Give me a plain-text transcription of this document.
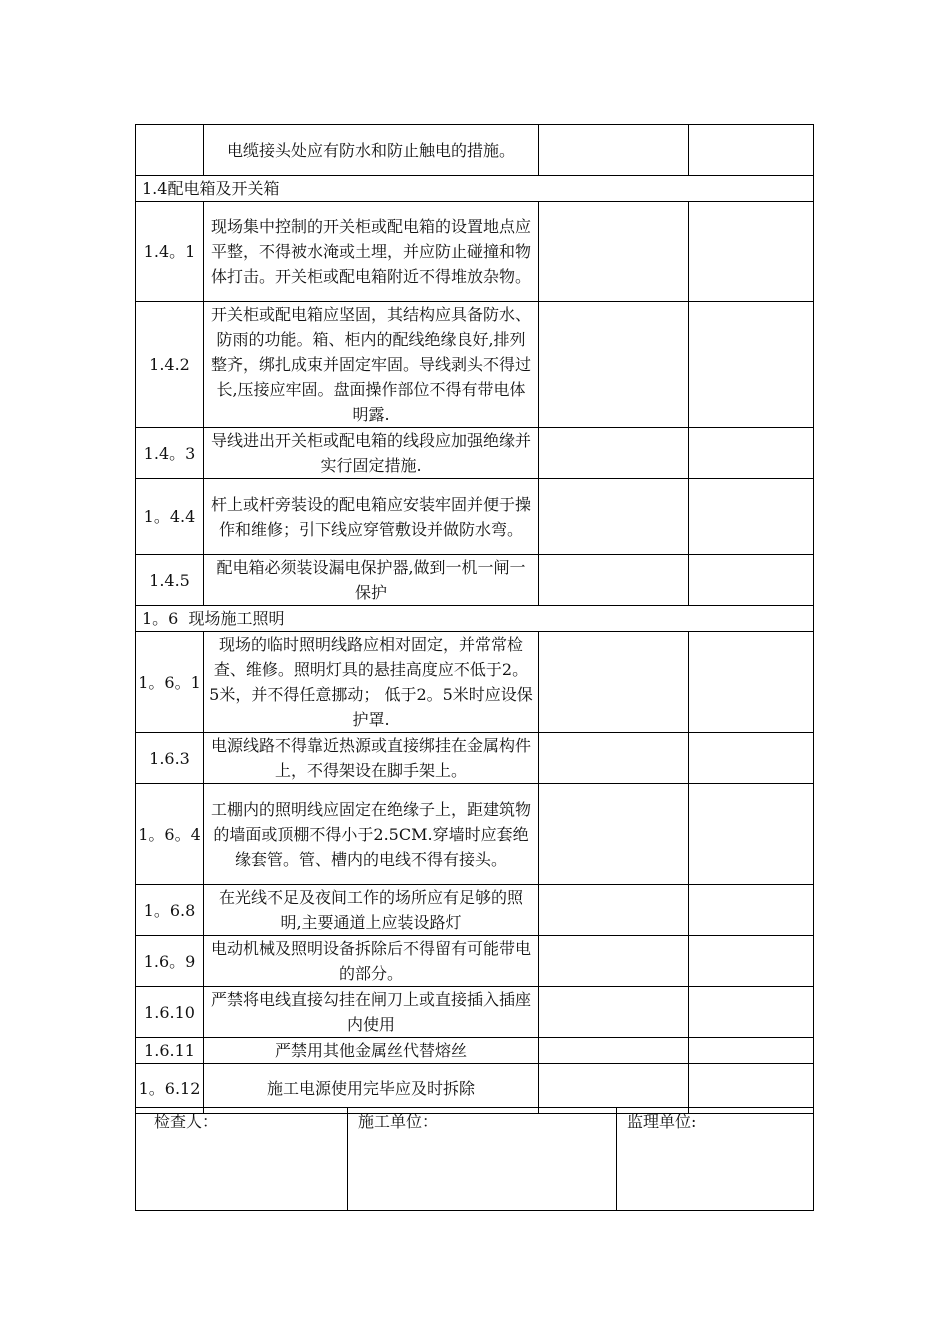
	电缆接头处应有防水和防止触电的措施。		
1.4配电箱及开关箱			
1.4。1	现场集中控制的开关柜或配电箱的设置地点应平整，不得被水淹或土埋，并应防止碰撞和物体打击。开关柜或配电箱附近不得堆放杂物。		
1.4.2	开关柜或配电箱应坚固，其结构应具备防水、防雨的功能。箱、柜内的配线绝缘良好,排列整齐，绑扎成束并固定牢固。导线剥头不得过长,压接应牢固。盘面操作部位不得有带电体明露.		
1.4。3	导线进出开关柜或配电箱的线段应加强绝缘并实行固定措施.		
1。4.4	杆上或杆旁装设的配电箱应安装牢固并便于操作和维修；引下线应穿管敷设并做防水弯。		
1.4.5	配电箱必须装设漏电保护器,做到一机一闸一保护		
1。6  现场施工照明			
1。6。1	现场的临时照明线路应相对固定，并常常检查、维修。照明灯具的悬挂高度应不低于2。5米，并不得任意挪动； 低于2。5米时应设保护罩.		
1.6.3	电源线路不得靠近热源或直接绑挂在金属构件上，不得架设在脚手架上。		
1。6。4	工棚内的照明线应固定在绝缘子上，距建筑物的墙面或顶棚不得小于2.5CM.穿墙时应套绝缘套管。管、槽内的电线不得有接头。		
1。6.8	在光线不足及夜间工作的场所应有足够的照明,主要通道上应装设路灯		
1.6。9	电动机械及照明设备拆除后不得留有可能带电的部分。		
1.6.10	严禁将电线直接勾挂在闸刀上或直接插入插座内使用		
1.6.11	严禁用其他金属丝代替熔丝		
1。6.12	施工电源使用完毕应及时拆除		
检查人：	施工单位：	监理单位:
